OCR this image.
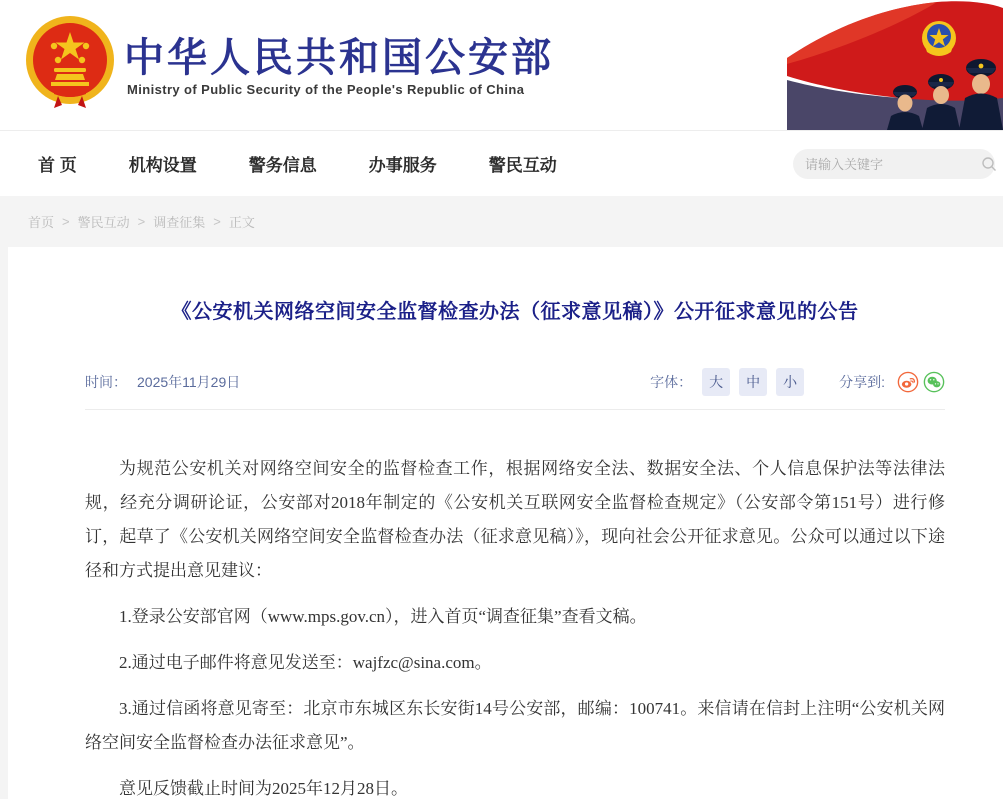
中华人民共和国公安部
Ministry of Public Security of the People's Republic of China
首 页	机构设置	警务信息	办事服务	警民互动
请输入关键字
首页 > 警民互动 > 调查征集 > 正文
《公安机关网络空间安全监督检查办法（征求意见稿）》公开征求意见的公告
时间： 2025年11月29日	字体：	大	中	小	分享到:

为规范公安机关对网络空间安全的监督检查工作，根据网络安全法、数据安全法、个人信息保护法等法律法规，经充分调研论证，公安部对2018年制定的《公安机关互联网安全监督检查规定》（公安部令第151号）进行修订，起草了《公安机关网络空间安全监督检查办法（征求意见稿）》，现向社会公开征求意见。公众可以通过以下途径和方式提出意见建议：

1.登录公安部官网（www.mps.gov.cn），进入首页“调查征集”查看文稿。

2.通过电子邮件将意见发送至：wajfzc@sina.com。

3.通过信函将意见寄至：北京市东城区东长安街14号公安部，邮编：100741。来信请在信封上注明“公安机关网络空间安全监督检查办法征求意见”。

意见反馈截止时间为2025年12月28日。
